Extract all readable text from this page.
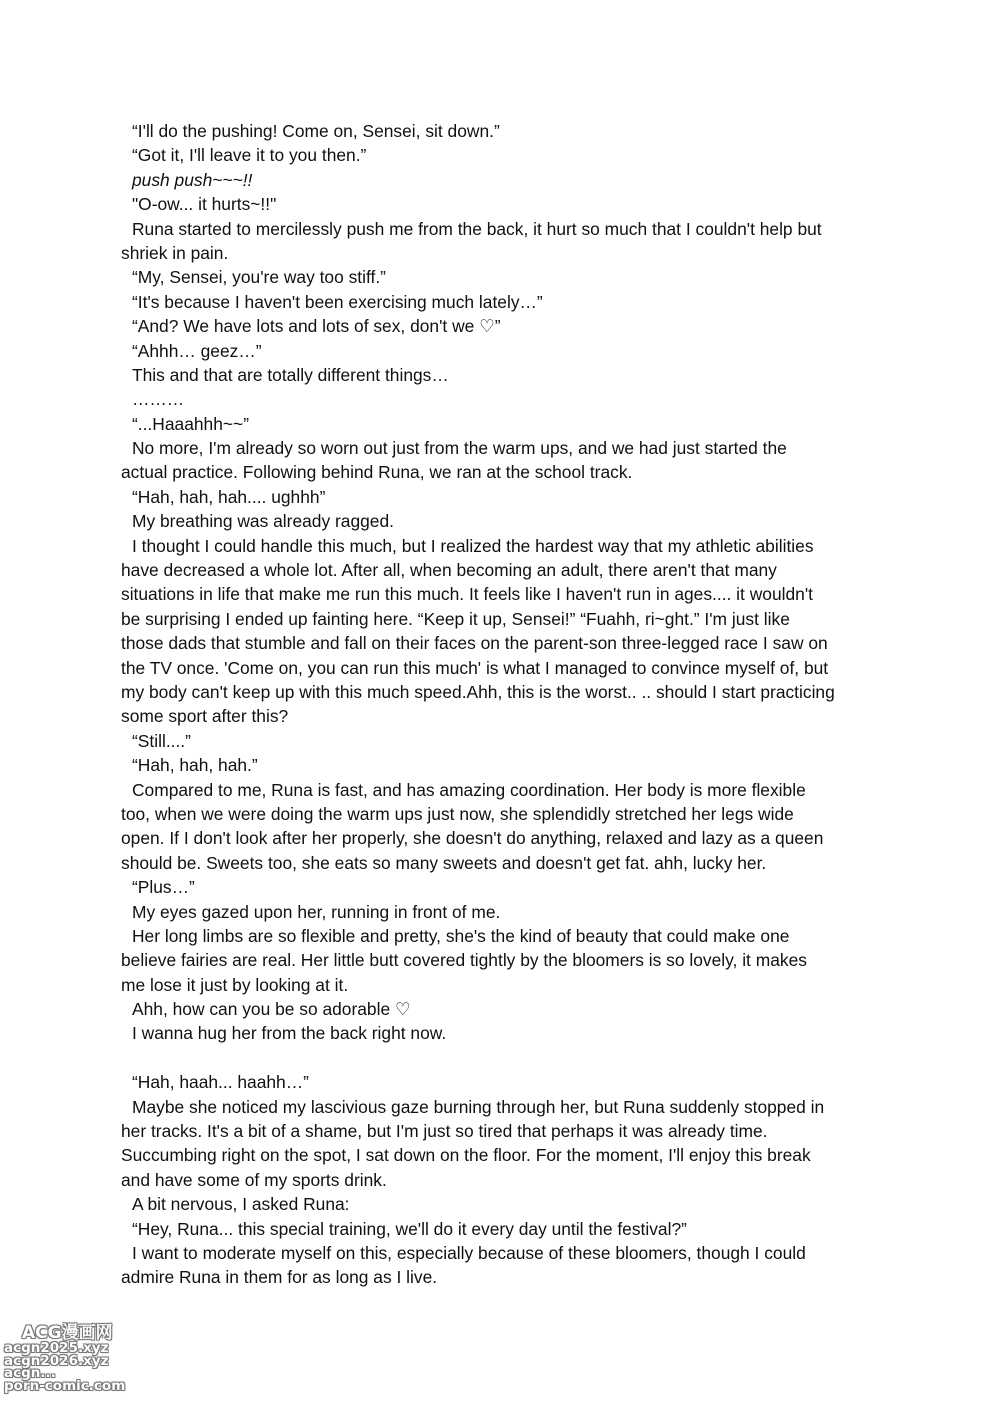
“I'll do the pushing! Come on, Sensei, sit down.”
“Got it, I'll leave it to you then.”
push push~~~!!
"O-ow... it hurts~!!"
Runa started to mercilessly push me from the back, it hurt so much that I couldn't help but
shriek in pain.
“My, Sensei, you're way too stiff.”
“It's because I haven't been exercising much lately…”
“And? We have lots and lots of sex, don't we ♡”
“Ahhh… geez…”
This and that are totally different things…
………
“...Haaahhh~~”
No more, I'm already so worn out just from the warm ups, and we had just started the
actual practice. Following behind Runa, we ran at the school track.
“Hah, hah, hah.... ughhh”
My breathing was already ragged.
I thought I could handle this much, but I realized the hardest way that my athletic abilities
have decreased a whole lot. After all, when becoming an adult, there aren't that many
situations in life that make me run this much. It feels like I haven't run in ages.... it wouldn't
be surprising I ended up fainting here. “Keep it up, Sensei!” “Fuahh, ri~ght.” I'm just like
those dads that stumble and fall on their faces on the parent-son three-legged race I saw on
the TV once. 'Come on, you can run this much' is what I managed to convince myself of, but
my body can't keep up with this much speed.Ahh, this is the worst.. .. should I start practicing
some sport after this?
“Still....”
“Hah, hah, hah.”
Compared to me, Runa is fast, and has amazing coordination. Her body is more flexible
too, when we were doing the warm ups just now, she splendidly stretched her legs wide
open. If I don't look after her properly, she doesn't do anything, relaxed and lazy as a queen
should be. Sweets too, she eats so many sweets and doesn't get fat. ahh, lucky her.
“Plus…”
My eyes gazed upon her, running in front of me.
Her long limbs are so flexible and pretty, she's the kind of beauty that could make one
believe fairies are real. Her little butt covered tightly by the bloomers is so lovely, it makes
me lose it just by looking at it.
Ahh, how can you be so adorable ♡
I wanna hug her from the back right now.
“Hah, haah... haahh…”
Maybe she noticed my lascivious gaze burning through her, but Runa suddenly stopped in
her tracks. It's a bit of a shame, but I'm just so tired that perhaps it was already time.
Succumbing right on the spot, I sat down on the floor. For the moment, I'll enjoy this break
and have some of my sports drink.
A bit nervous, I asked Runa:
“Hey, Runa... this special training, we'll do it every day until the festival?”
I want to moderate myself on this, especially because of these bloomers, though I could
admire Runa in them for as long as I live.
ACG漫画网
acgn2025.xyz
acgn2026.xyz
acgn...
porn-comic.com
